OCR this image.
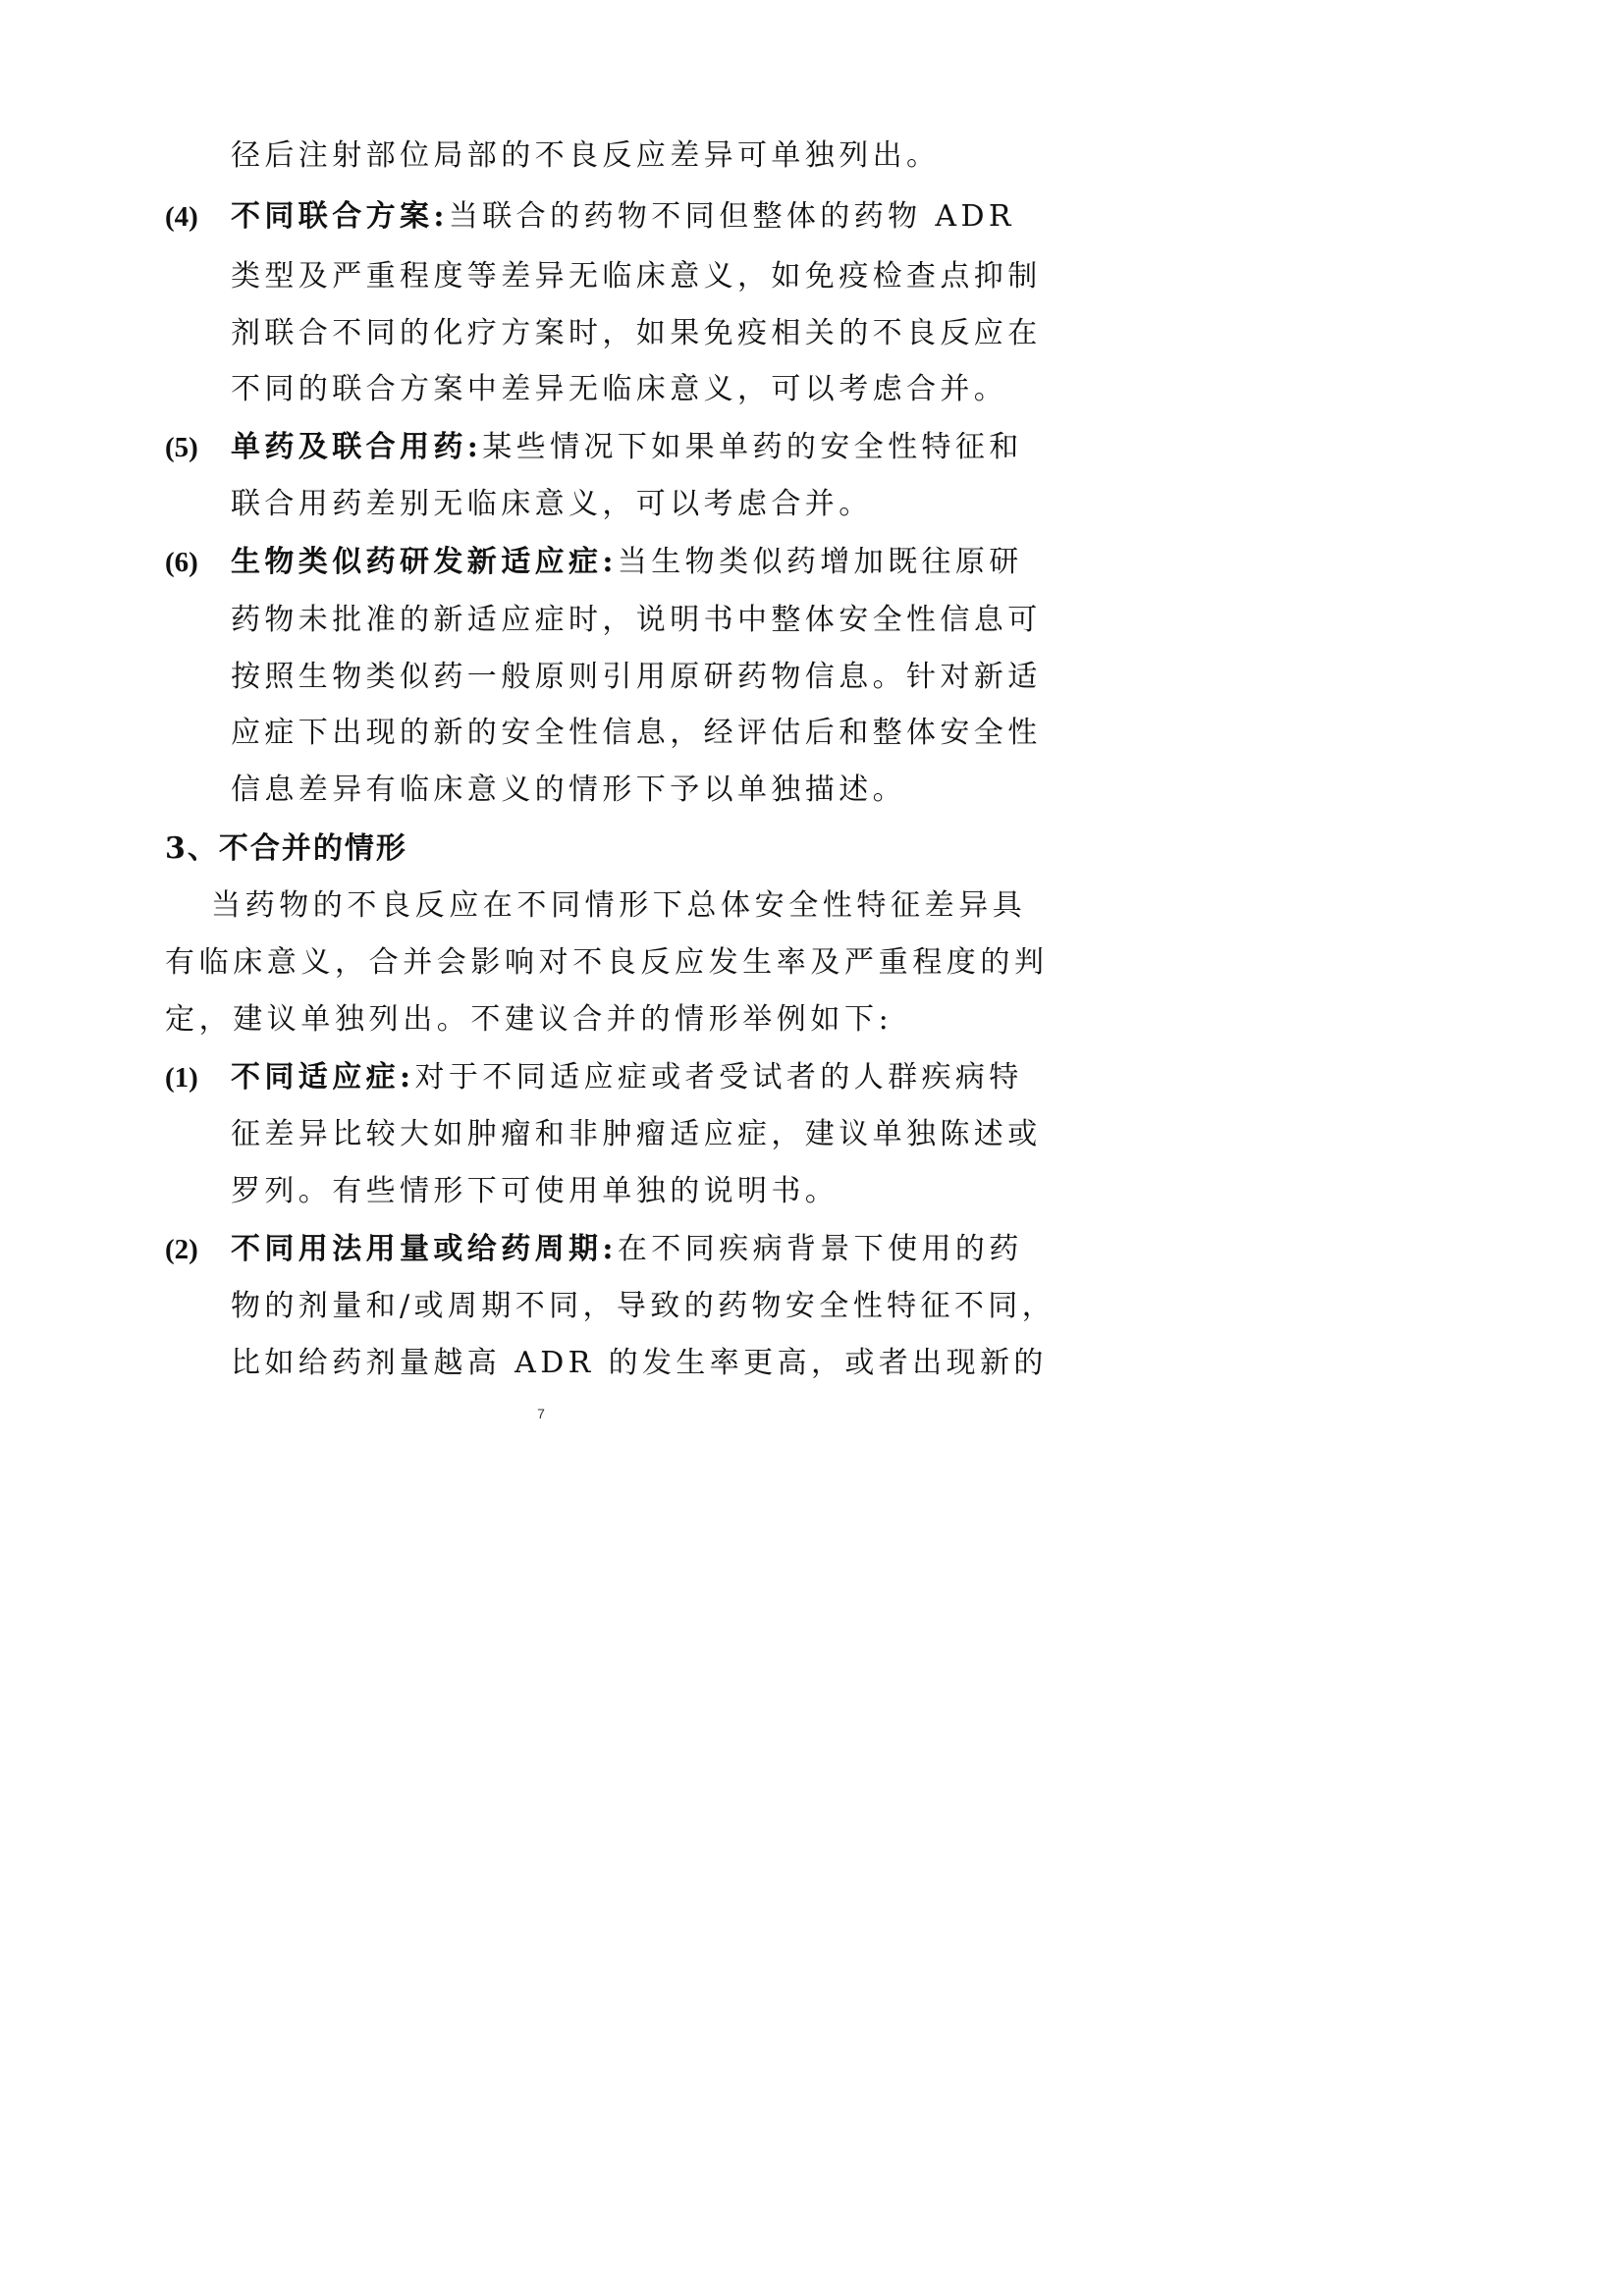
径后注射部位局部的不良反应差异可单独列出。
(4) 不同联合方案:当联合的药物不同但整体的药物 ADR
类型及严重程度等差异无临床意义，如免疫检查点抑制
剂联合不同的化疗方案时，如果免疫相关的不良反应在
不同的联合方案中差异无临床意义，可以考虑合并。
(5) 单药及联合用药:某些情况下如果单药的安全性特征和
联合用药差别无临床意义，可以考虑合并。
(6) 生物类似药研发新适应症:当生物类似药增加既往原研
药物未批准的新适应症时，说明书中整体安全性信息可
按照生物类似药一般原则引用原研药物信息。针对新适
应症下出现的新的安全性信息，经评估后和整体安全性
信息差异有临床意义的情形下予以单独描述。
3、不合并的情形
当药物的不良反应在不同情形下总体安全性特征差异具
有临床意义，合并会影响对不良反应发生率及严重程度的判
定，建议单独列出。不建议合并的情形举例如下:
(1) 不同适应症:对于不同适应症或者受试者的人群疾病特
征差异比较大如肿瘤和非肿瘤适应症，建议单独陈述或
罗列。有些情形下可使用单独的说明书。
(2) 不同用法用量或给药周期:在不同疾病背景下使用的药
物的剂量和/或周期不同，导致的药物安全性特征不同，
比如给药剂量越高 ADR 的发生率更高，或者出现新的
7
